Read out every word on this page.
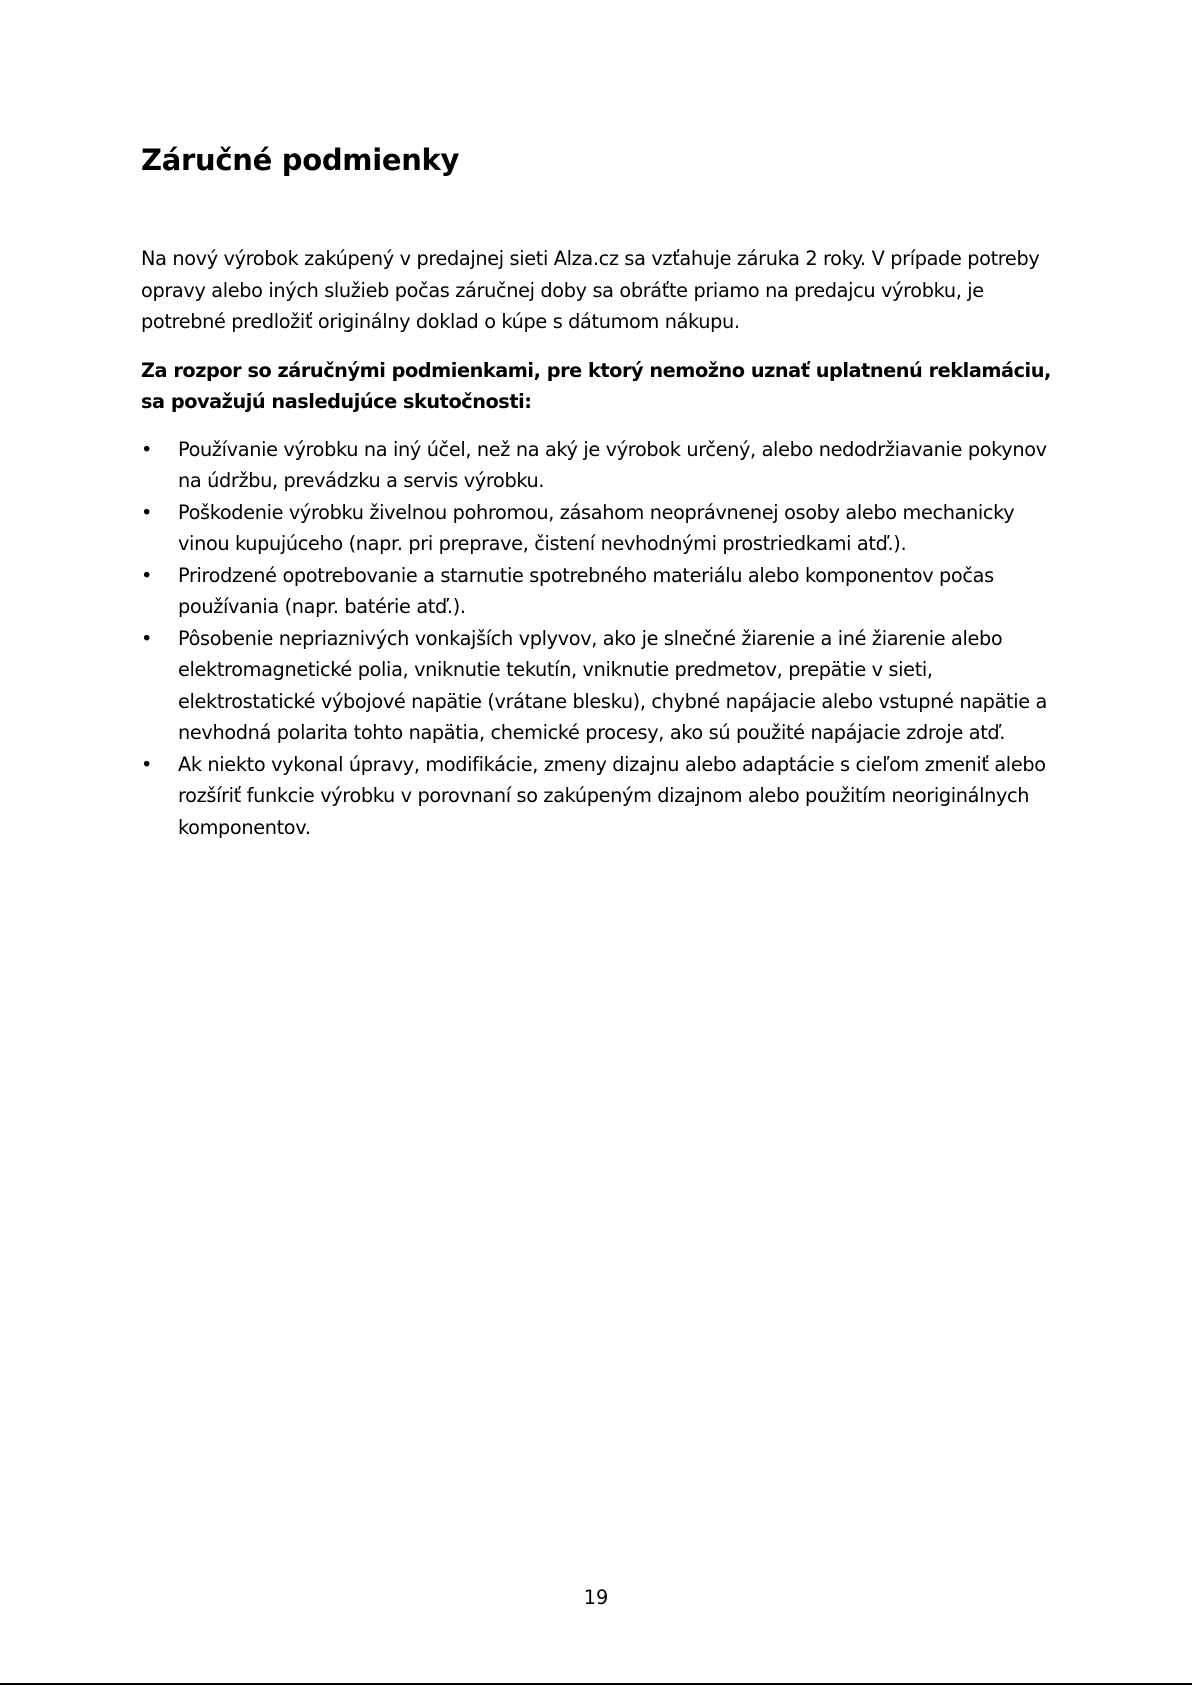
Záručné podmienky

Na nový výrobok zakúpený v predajnej sieti Alza.cz sa vzťahuje záruka 2 roky. V prípade potreby opravy alebo iných služieb počas záručnej doby sa obráťte priamo na predajcu výrobku, je potrebné predložiť originálny doklad o kúpe s dátumom nákupu.

Za rozpor so záručnými podmienkami, pre ktorý nemožno uznať uplatnenú reklamáciu, sa považujú nasledujúce skutočnosti:

•	Používanie výrobku na iný účel, než na aký je výrobok určený, alebo nedodržiavanie pokynov na údržbu, prevádzku a servis výrobku.
•	Poškodenie výrobku živelnou pohromou, zásahom neoprávnenej osoby alebo mechanicky vinou kupujúceho (napr. pri preprave, čistení nevhodnými prostriedkami atď.).
•	Prirodzené opotrebovanie a starnutie spotrebného materiálu alebo komponentov počas používania (napr. batérie atď.).
•	Pôsobenie nepriaznivých vonkajších vplyvov, ako je slnečné žiarenie a iné žiarenie alebo elektromagnetické polia, vniknutie tekutín, vniknutie predmetov, prepätie v sieti, elektrostatické výbojové napätie (vrátane blesku), chybné napájacie alebo vstupné napätie a nevhodná polarita tohto napätia, chemické procesy, ako sú použité napájacie zdroje atď.
•	Ak niekto vykonal úpravy, modifikácie, zmeny dizajnu alebo adaptácie s cieľom zmeniť alebo rozšíriť funkcie výrobku v porovnaní so zakúpeným dizajnom alebo použitím neoriginálnych komponentov.
19
